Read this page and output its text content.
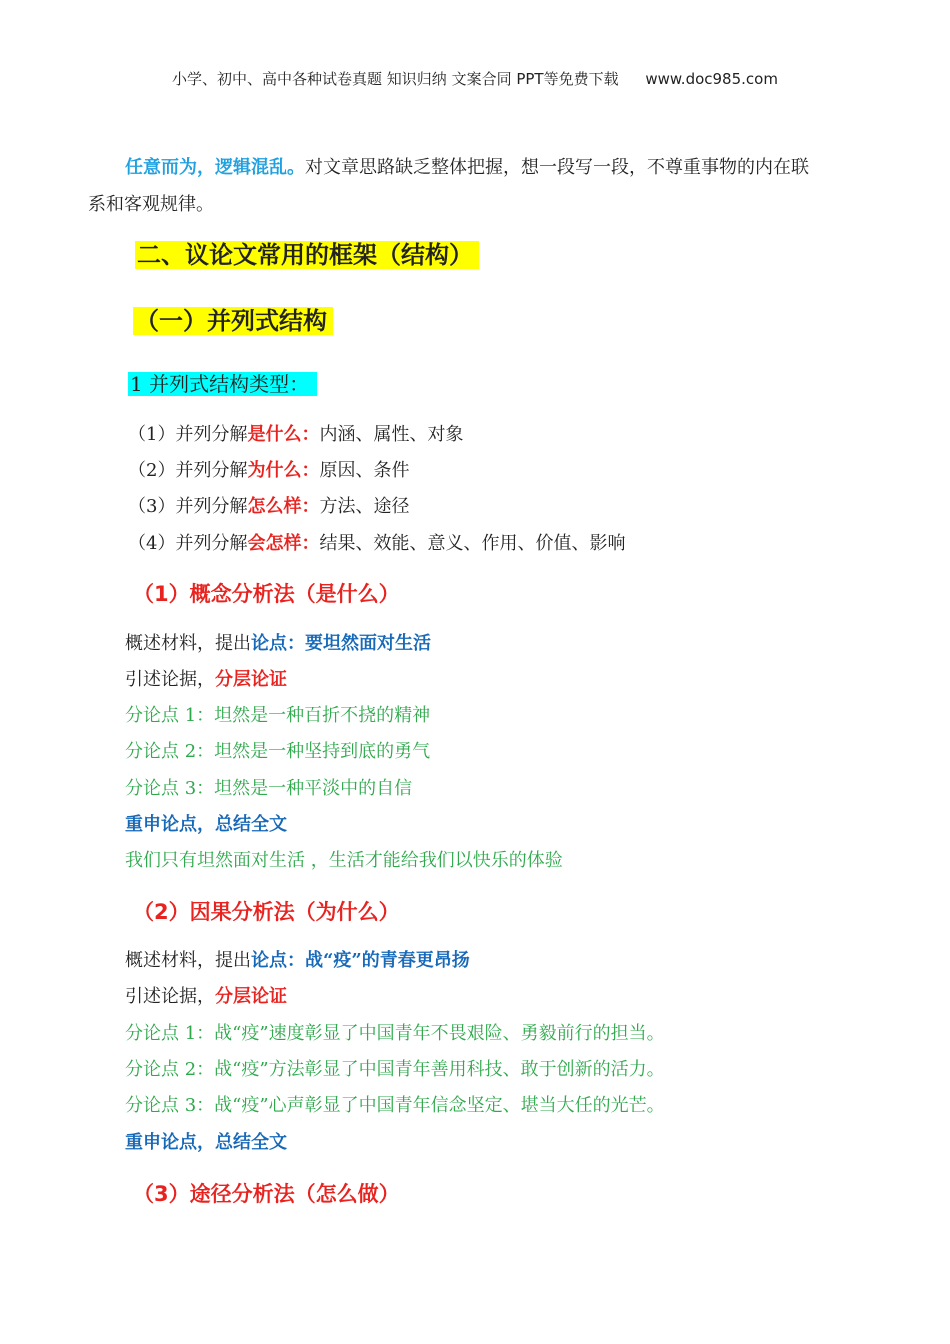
小学、初中、高中各种试卷真题 知识归纳 文案合同 PPT等免费下载 www.doc985.com
任意而为，逻辑混乱。对文章思路缺乏整体把握，想一段写一段，不尊重事物的内在联
系和客观规律。
二、议论文常用的框架（结构）
（一）并列式结构
1 并列式结构类型：
（1）并列分解是什么：内涵、属性、对象
（2）并列分解为什么：原因、条件
（3）并列分解怎么样：方法、途径
（4）并列分解会怎样：结果、效能、意义、作用、价值、影响
（1）概念分析法（是什么）
概述材料，提出论点：要坦然面对生活
引述论据，分层论证
分论点 1：坦然是一种百折不挠的精神
分论点 2：坦然是一种坚持到底的勇气
分论点 3：坦然是一种平淡中的自信
重申论点，总结全文
我们只有坦然面对生活 ，生活才能给我们以快乐的体验
（2）因果分析法（为什么）
概述材料，提出论点：战“疫”的青春更昂扬
引述论据，分层论证
分论点 1：战“疫”速度彰显了中国青年不畏艰险、勇毅前行的担当。
分论点 2：战“疫”方法彰显了中国青年善用科技、敢于创新的活力。
分论点 3：战“疫”心声彰显了中国青年信念坚定、堪当大任的光芒。
重申论点，总结全文
（3）途径分析法（怎么做）
